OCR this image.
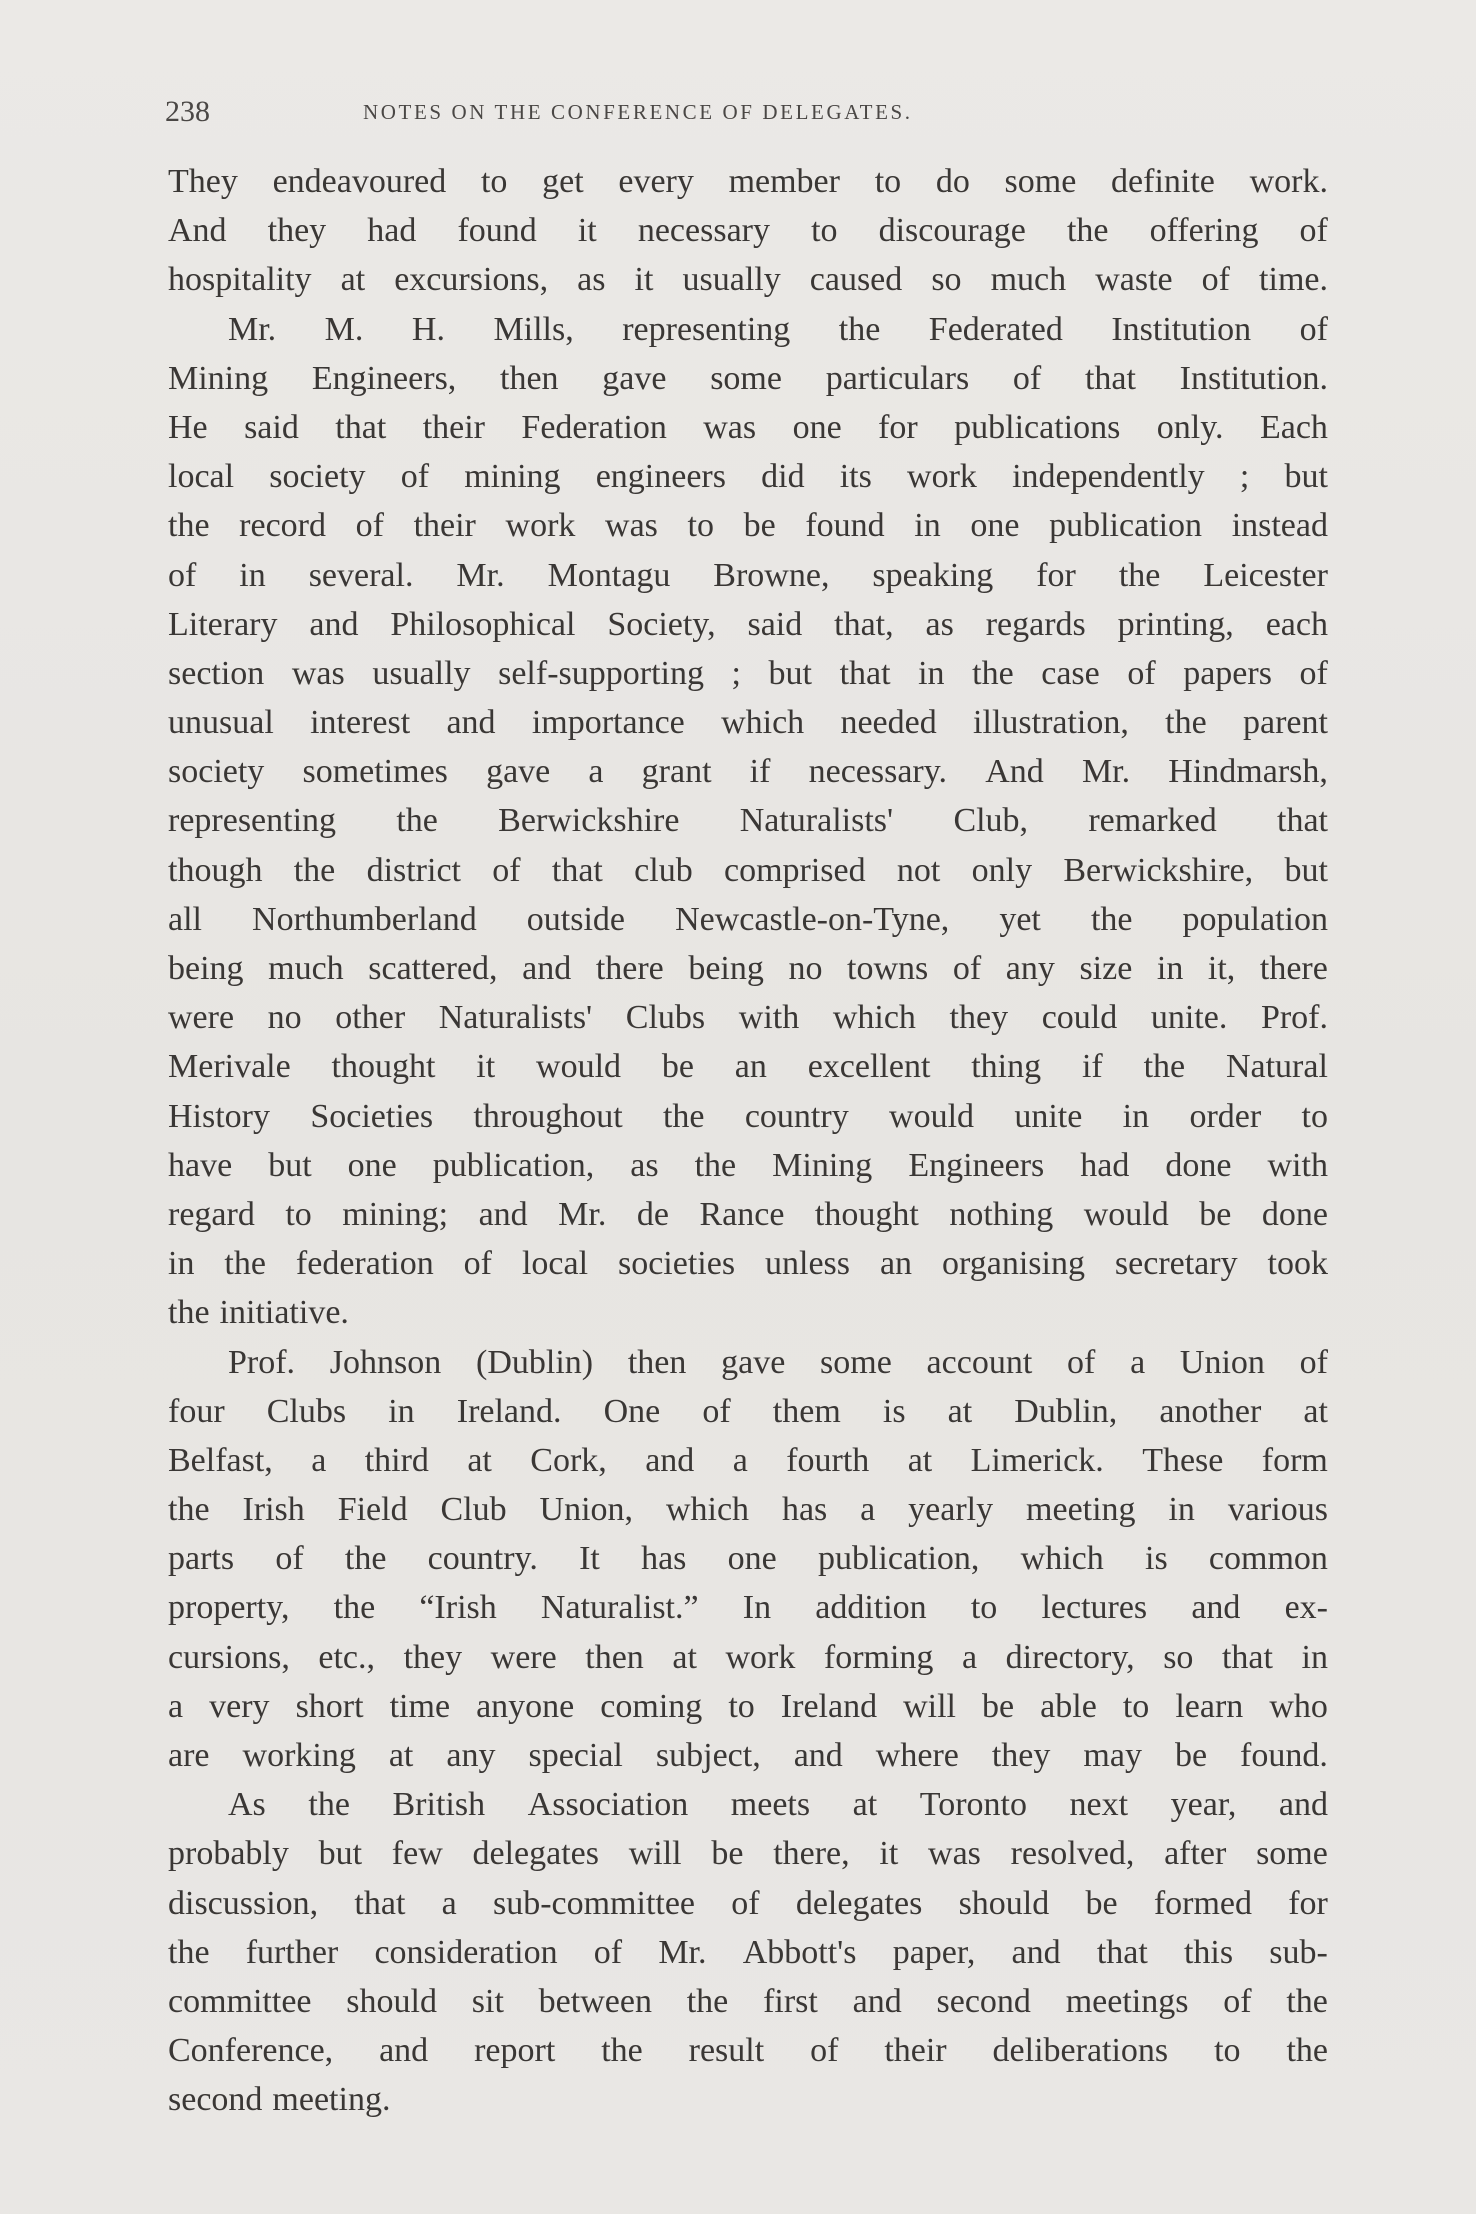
238	NOTES ON THE CONFERENCE OF DELEGATES.
They endeavoured to get every member to do some definite work.
And they had found it necessary to discourage the offering of
hospitality at excursions, as it usually caused so much waste of time.
Mr. M. H. Mills, representing the Federated Institution of
Mining Engineers, then gave some particulars of that Institution.
He said that their Federation was one for publications only. Each
local society of mining engineers did its work independently ; but
the record of their work was to be found in one publication instead
of in several. Mr. Montagu Browne, speaking for the Leicester
Literary and Philosophical Society, said that, as regards printing, each
section was usually self-supporting ; but that in the case of papers of
unusual interest and importance which needed illustration, the parent
society sometimes gave a grant if necessary. And Mr. Hindmarsh,
representing the Berwickshire Naturalists' Club, remarked that
though the district of that club comprised not only Berwickshire, but
all Northumberland outside Newcastle-on-Tyne, yet the population
being much scattered, and there being no towns of any size in it, there
were no other Naturalists' Clubs with which they could unite. Prof.
Merivale thought it would be an excellent thing if the Natural
History Societies throughout the country would unite in order to
have but one publication, as the Mining Engineers had done with
regard to mining; and Mr. de Rance thought nothing would be done
in the federation of local societies unless an organising secretary took
the initiative.
Prof. Johnson (Dublin) then gave some account of a Union of
four Clubs in Ireland. One of them is at Dublin, another at
Belfast, a third at Cork, and a fourth at Limerick. These form
the Irish Field Club Union, which has a yearly meeting in various
parts of the country. It has one publication, which is common
property, the “Irish Naturalist.” In addition to lectures and ex-
cursions, etc., they were then at work forming a directory, so that in
a very short time anyone coming to Ireland will be able to learn who
are working at any special subject, and where they may be found.
As the British Association meets at Toronto next year, and
probably but few delegates will be there, it was resolved, after some
discussion, that a sub-committee of delegates should be formed for
the further consideration of Mr. Abbott's paper, and that this sub-
committee should sit between the first and second meetings of the
Conference, and report the result of their deliberations to the
second meeting.
